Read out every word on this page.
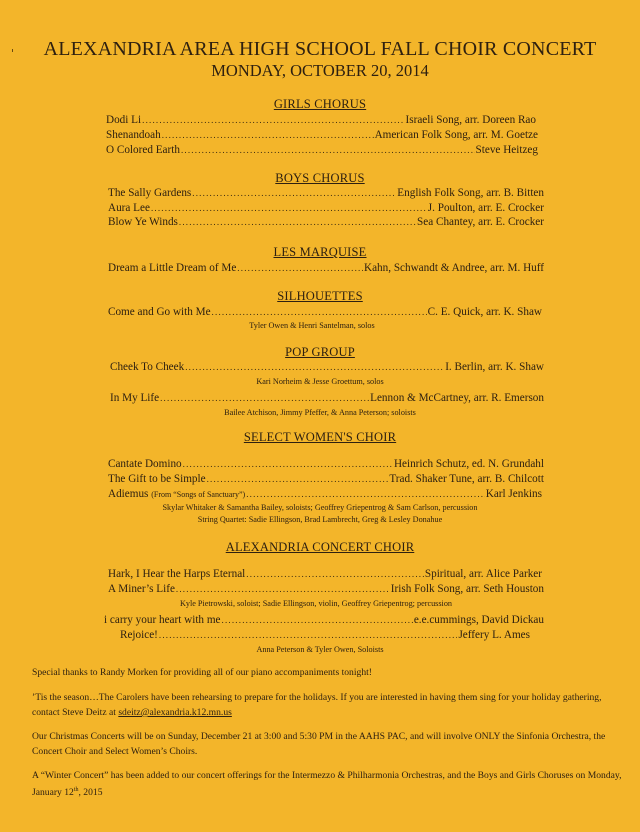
ALEXANDRIA AREA HIGH SCHOOL FALL CHOIR CONCERT
MONDAY, OCTOBER 20, 2014
GIRLS CHORUS
Dodi Li .....	Israeli Song, arr. Doreen Rao
Shenandoah .....	American Folk Song, arr. M. Goetze
O Colored Earth .....	Steve Heitzeg
BOYS CHORUS
The Sally Gardens .....	English Folk Song, arr. B. Bitten
Aura Lee .....	J. Poulton, arr. E. Crocker
Blow Ye Winds .....	Sea Chantey, arr. E. Crocker
LES MARQUISE
Dream a Little Dream of Me .....	Kahn, Schwandt & Andree, arr. M. Huff
SILHOUETTES
Come and Go with Me .....	C. E. Quick, arr. K. Shaw
Tyler Owen & Henri Santelman, solos
POP GROUP
Cheek To Cheek .....	I. Berlin, arr. K. Shaw
Kari Norheim & Jesse Groettum, solos
In My Life .....	Lennon & McCartney, arr. R. Emerson
Bailee Atchison, Jimmy Pfeffer, & Anna Peterson; soloists
SELECT WOMEN'S CHOIR
Cantate Domino .....	Heinrich Schutz, ed. N. Grundahl
The Gift to be Simple .....	Trad. Shaker Tune, arr. B. Chilcott
Adiemus (From “Songs of Sanctuary”) .....	Karl Jenkins
Skylar Whitaker & Samantha Bailey, soloists; Geoffrey Griepentrog & Sam Carlson, percussion
String Quartet: Sadie Ellingson, Brad Lambrecht, Greg & Lesley Donahue
ALEXANDRIA CONCERT CHOIR
Hark, I Hear the Harps Eternal .....	Spiritual, arr. Alice Parker
A Miner’s Life .....	Irish Folk Song, arr. Seth Houston
Kyle Pietrowski, soloist; Sadie Ellingson, violin, Geoffrey Griepentrog; percussion
i carry your heart with me .....	e.e.cummings, David Dickau
Rejoice! .....	Jeffery L. Ames
Anna Peterson & Tyler Owen, Soloists
Special thanks to Randy Morken for providing all of our piano accompaniments tonight!
’Tis the season…The Carolers have been rehearsing to prepare for the holidays. If you are interested in having them sing for your holiday gathering, contact Steve Deitz at sdeitz@alexandria.k12.mn.us
Our Christmas Concerts will be on Sunday, December 21 at 3:00 and 5:30 PM in the AAHS PAC, and will involve ONLY the Sinfonia Orchestra, the Concert Choir and Select Women’s Choirs.
A “Winter Concert” has been added to our concert offerings for the Intermezzo & Philharmonia Orchestras, and the Boys and Girls Choruses on Monday, January 12th, 2015
